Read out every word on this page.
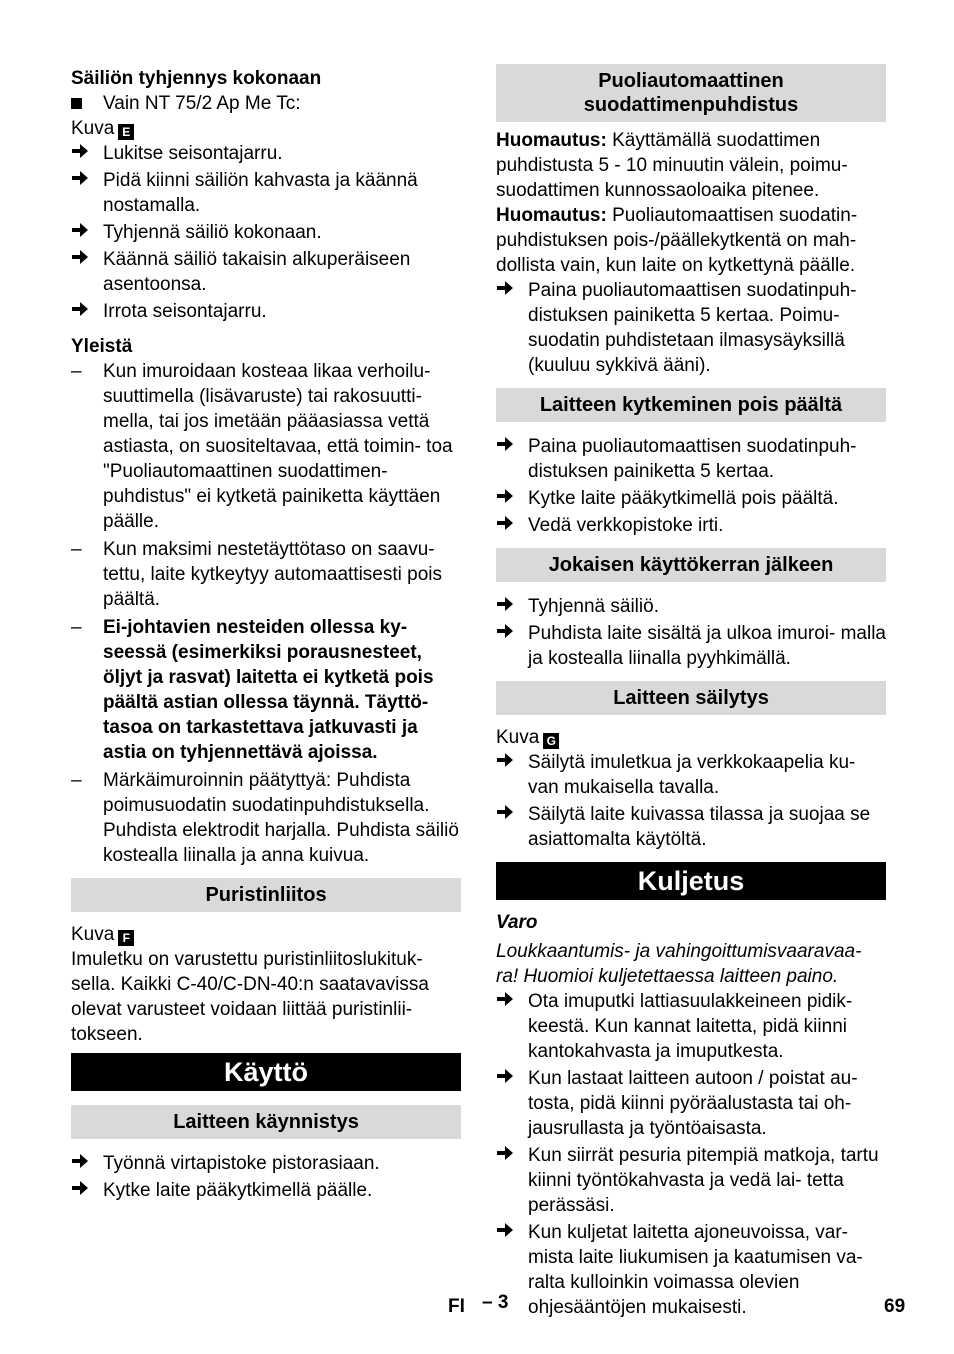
Säiliön tyhjennys kokonaan

Vain NT 75/2 Ap Me Tc:

Kuva E

Lukitse seisontajarru.
Pidä kiinni säiliön kahvasta ja käännä nostamalla.
Tyhjennä säiliö kokonaan.
Käännä säiliö takaisin alkuperäiseen asentoonsa.
Irrota seisontajarru.

Yleistä

–	Kun imuroidaan kosteaa likaa verhoilu- suuttimella (lisävaruste) tai rakosuutti- mella, tai jos imetään pääasiassa vettä astiasta, on suositeltavaa, että toimin- toa "Puoliautomaattinen suodattimen- puhdistus" ei kytketä painiketta käyttäen päälle.
–	Kun maksimi nestetäyttötaso on saavu- tettu, laite kytkeytyy automaattisesti pois päältä.
–	Ei-johtavien nesteiden ollessa ky- seessä (esimerkiksi porausnesteet, öljyt ja rasvat) laitetta ei kytketä pois päältä astian ollessa täynnä. Täyttö- tasoa on tarkastettava jatkuvasti ja astia on tyhjennettävä ajoissa.
–	Märkäimuroinnin päätyttyä: Puhdista poimusuodatin suodatinpuhdistuksella. Puhdista elektrodit harjalla. Puhdista säiliö kostealla liinalla ja anna kuivua.
Puristinliitos

Kuva F

Imuletku on varustettu puristinliitoslukituk- sella. Kaikki C-40/C-DN-40:n saatavavissa olevat varusteet voidaan liittää puristinlii- tokseen.

Käyttö
Laitteen käynnistys
Työnnä virtapistoke pistorasiaan.
Kytke laite pääkytkimellä päälle.
Puoliautomaattinen
suodattimenpuhdistus

Huomautus: Käyttämällä suodattimen puhdistusta 5 - 10 minuutin välein, poimu- suodattimen kunnossaoloaika pitenee.

Huomautus: Puoliautomaattisen suodatin- puhdistuksen pois-/päällekytkentä on mah- dollista vain, kun laite on kytkettynä päälle.

Paina puoliautomaattisen suodatinpuh- distuksen painiketta 5 kertaa. Poimu- suodatin puhdistetaan ilmasysäyksillä (kuuluu sykkivä ääni).
Laitteen kytkeminen pois päältä
Paina puoliautomaattisen suodatinpuh- distuksen painiketta 5 kertaa.
Kytke laite pääkytkimellä pois päältä.
Vedä verkkopistoke irti.
Jokaisen käyttökerran jälkeen
Tyhjennä säiliö.
Puhdista laite sisältä ja ulkoa imuroi- malla ja kostealla liinalla pyyhkimällä.
Laitteen säilytys

Kuva G

Säilytä imuletkua ja verkkokaapelia ku- van mukaisella tavalla.
Säilytä laite kuivassa tilassa ja suojaa se asiattomalta käytöltä.
Kuljetus

Varo

Loukkaantumis- ja vahingoittumisvaaravaa- ra! Huomioi kuljetettaessa laitteen paino.

Ota imuputki lattiasuulakkeineen pidik- keestä. Kun kannat laitetta, pidä kiinni kantokahvasta ja imuputkesta.
Kun lastaat laitteen autoon / poistat au- tosta, pidä kiinni pyöräalustasta tai oh- jausrullasta ja työntöaisasta.
Kun siirrät pesuria pitempiä matkoja, tartu kiinni työntökahvasta ja vedä lai- tetta perässäsi.
Kun kuljetat laitetta ajoneuvoissa, var- mista laite liukumisen ja kaatumisen va- ralta kulloinkin voimassa olevien ohjesääntöjen mukaisesti.
FI – 3	69
